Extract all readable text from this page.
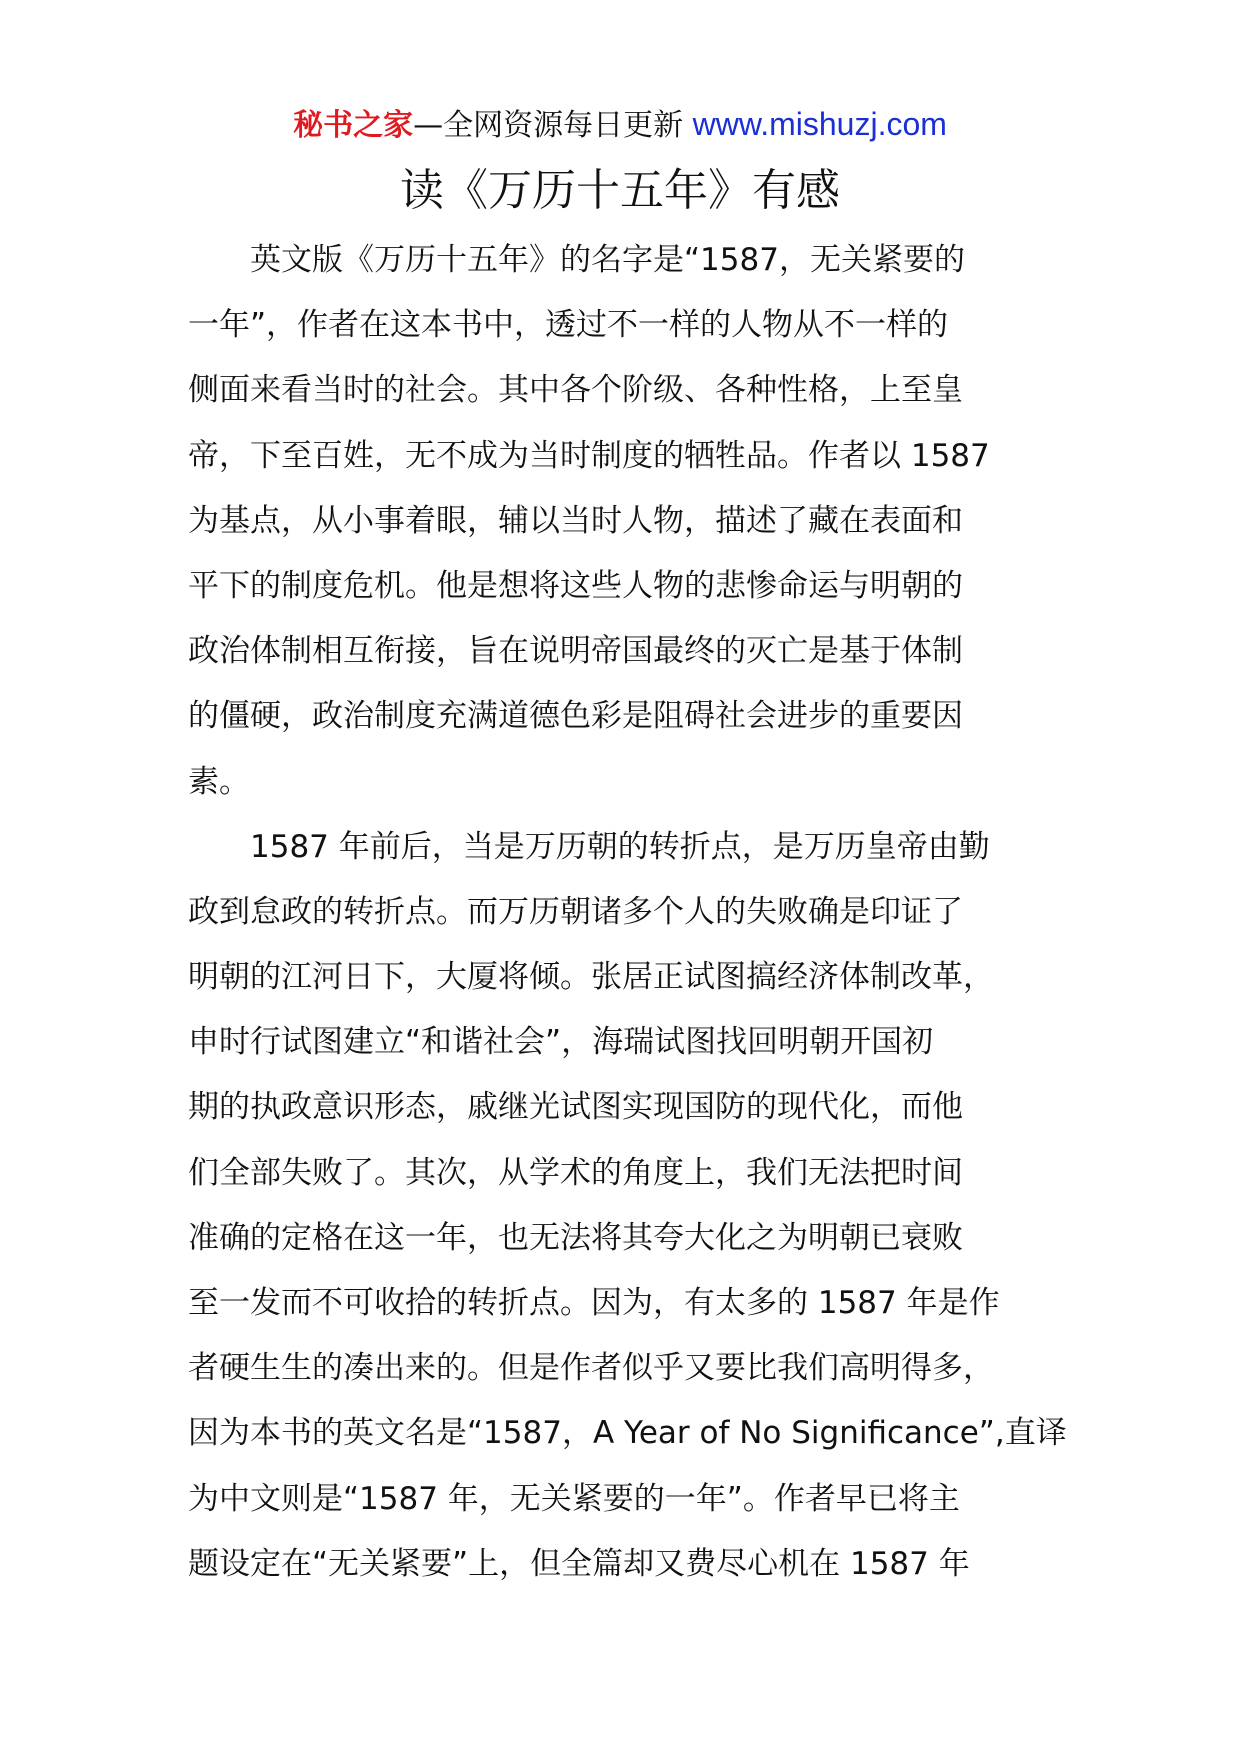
秘书之家—全网资源每日更新 www.mishuzj.com
读《万历十五年》有感
英文版《万历十五年》的名字是“1587，无关紧要的
一年”，作者在这本书中，透过不一样的人物从不一样的
侧面来看当时的社会。其中各个阶级、各种性格，上至皇
帝，下至百姓，无不成为当时制度的牺牲品。作者以 1587
为基点，从小事着眼，辅以当时人物，描述了藏在表面和
平下的制度危机。他是想将这些人物的悲惨命运与明朝的
政治体制相互衔接，旨在说明帝国最终的灭亡是基于体制
的僵硬，政治制度充满道德色彩是阻碍社会进步的重要因
素。
1587 年前后，当是万历朝的转折点，是万历皇帝由勤
政到怠政的转折点。而万历朝诸多个人的失败确是印证了
明朝的江河日下，大厦将倾。张居正试图搞经济体制改革，
申时行试图建立“和谐社会”，海瑞试图找回明朝开国初
期的执政意识形态，戚继光试图实现国防的现代化，而他
们全部失败了。其次，从学术的角度上，我们无法把时间
准确的定格在这一年，也无法将其夸大化之为明朝已衰败
至一发而不可收拾的转折点。因为，有太多的 1587 年是作
者硬生生的凑出来的。但是作者似乎又要比我们高明得多，
因为本书的英文名是“1587，A Year of No Significance”,直译
为中文则是“1587 年，无关紧要的一年”。作者早已将主
题设定在“无关紧要”上，但全篇却又费尽心机在 1587 年
